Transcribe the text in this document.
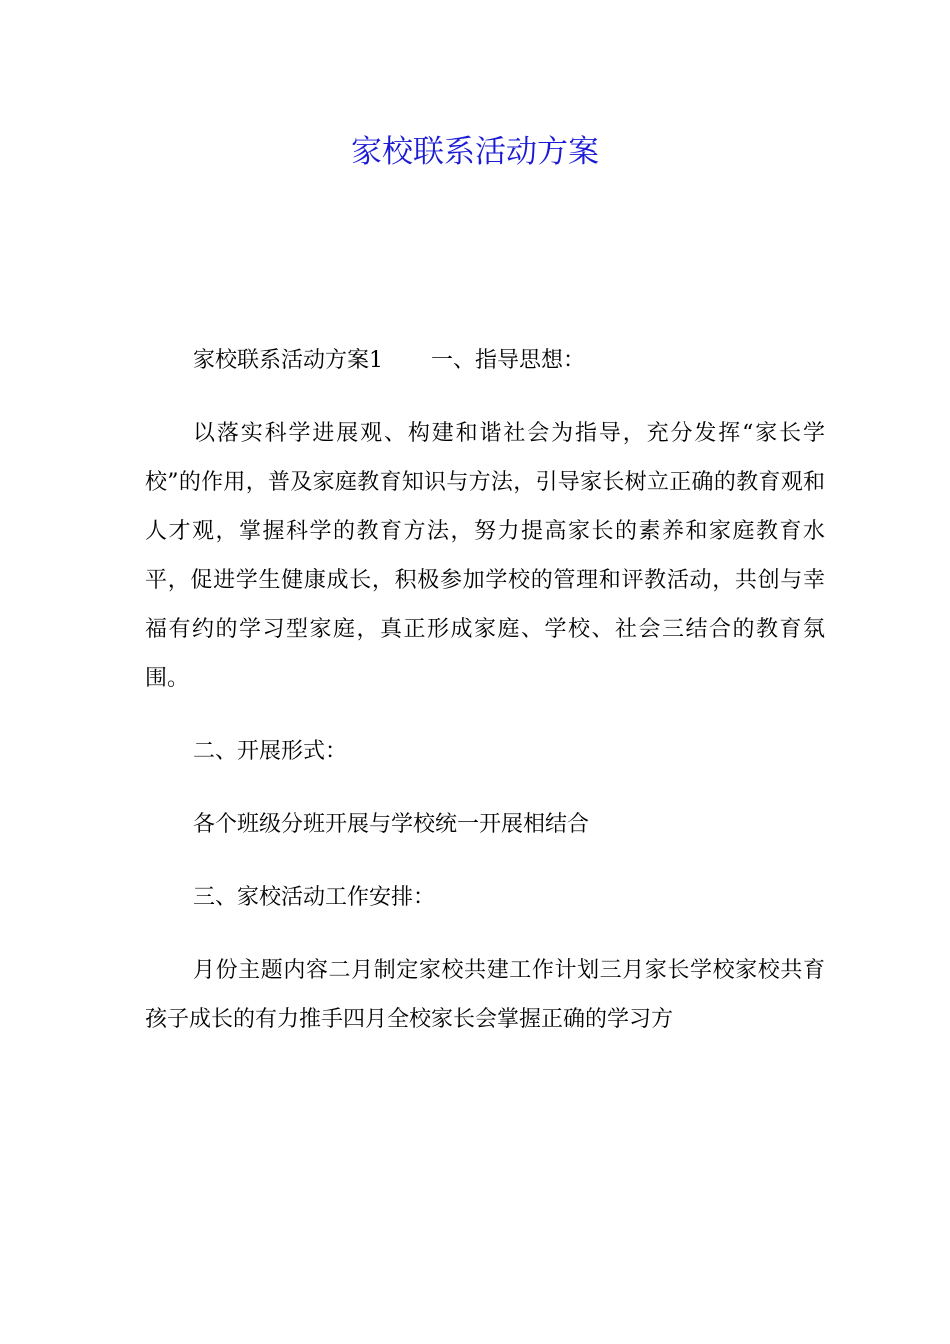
家校联系活动方案

家校联系活动方案1 一、指导思想：

以落实科学进展观、构建和谐社会为指导，充分发挥“家长学校”的作用，普及家庭教育知识与方法，引导家长树立正确的教育观和人才观，掌握科学的教育方法，努力提高家长的素养和家庭教育水平，促进学生健康成长，积极参加学校的管理和评教活动，共创与幸福有约的学习型家庭，真正形成家庭、学校、社会三结合的教育氛围。

二、开展形式：

各个班级分班开展与学校统一开展相结合

三、家校活动工作安排：

月份主题内容二月制定家校共建工作计划三月家长学校家校共育孩子成长的有力推手四月全校家长会掌握正确的学习方
